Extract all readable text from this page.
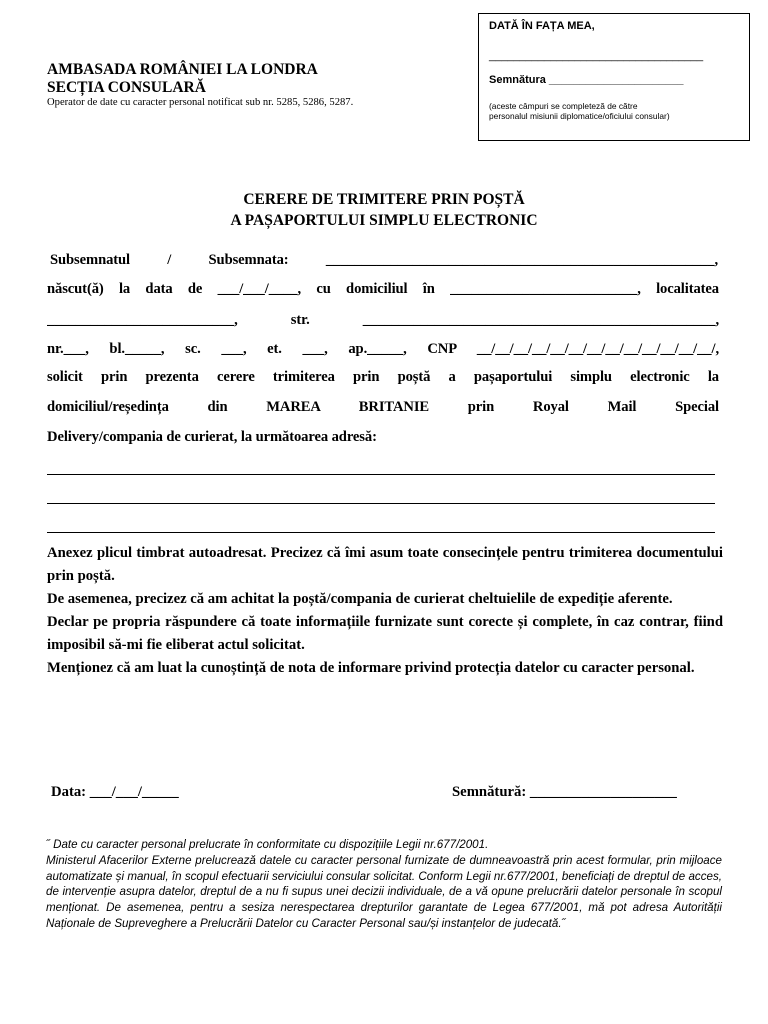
DATĂ ÎN FAȚA MEA,
___________________________________
Semnătura ______________________
(aceste câmpuri se completeză de către
personalul misiunii diplomatice/oficiului consular)
AMBASADA ROMÂNIEI LA LONDRA
SECȚIA CONSULARĂ
Operator de date cu caracter personal notificat sub nr. 5285, 5286, 5287.
CERERE DE TRIMITERE PRIN POȘTĂ
A PAȘAPORTULUI SIMPLU ELECTRONIC
Subsemnatul / Subsemnata: ______________________________________________________,
născut(ă) la data de ___/___/____, cu domiciliul în __________________________, localitatea
__________________________, str. _________________________________________________,
nr.___, bl._____, sc. ___, et. ___, ap._____, CNP __/__/__/__/__/__/__/__/__/__/__/__/__/,
solicit prin prezenta cerere trimiterea prin poștă a pașaportului simplu electronic la
domiciliul/reședința din MAREA BRITANIE prin Royal Mail Special
Delivery/compania de curierat, la următoarea adresă:

Anexez plicul timbrat autoadresat. Precizez că îmi asum toate consecințele pentru trimiterea documentului prin poștă.

De asemenea, precizez că am achitat la poștă/compania de curierat cheltuielile de expediție aferente.

Declar pe propria răspundere că toate informațiile furnizate sunt corecte și complete, în caz contrar, fiind imposibil să-mi fie eliberat actul solicitat.

Menționez că am luat la cunoștință de nota de informare privind protecția datelor cu caracter personal.

Data: ___/___/_____	Semnătură: ____________________

˝ Date cu caracter personal prelucrate în conformitate cu dispozițiile Legii nr.677/2001.

Ministerul Afacerilor Externe prelucrează datele cu caracter personal furnizate de dumneavoastră prin acest formular, prin mijloace automatizate și manual, în scopul efectuarii serviciului consular solicitat. Conform Legii nr.677/2001, beneficiați de dreptul de acces, de intervenție asupra datelor, dreptul de a nu fi supus unei decizii individuale, de a vă opune prelucrării datelor personale în scopul menționat. De asemenea, pentru a sesiza nerespectarea drepturilor garantate de Legea 677/2001, mă pot adresa Autorității Naționale de Supreveghere a Prelucrării Datelor cu Caracter Personal sau/și instanțelor de judecată.˝
